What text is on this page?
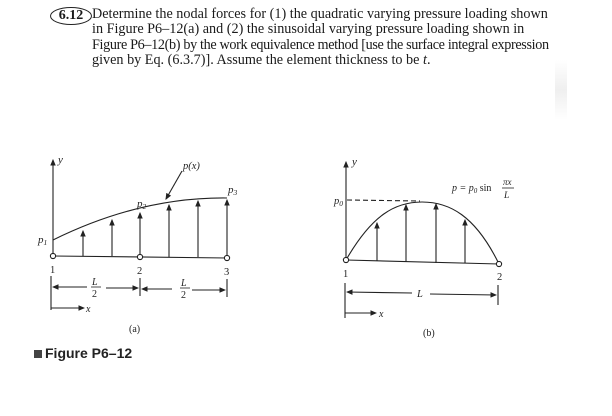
6.12 Determine the nodal forces for (1) the quadratic varying pressure loading shown
in Figure P6–12(a) and (2) the sinusoidal varying pressure loading shown in
Figure P6–12(b) by the work equivalence method [use the surface integral expression
given by Eq. (6.3.7)]. Assume the element thickness to be t.
y
p(x)
p1
p2
p3
1	2	3
L
2
L
2
x
(a)
y
p0
$p = p_0$ sin
πx
L
1	2
L
x
(b)
Figure P6–12
